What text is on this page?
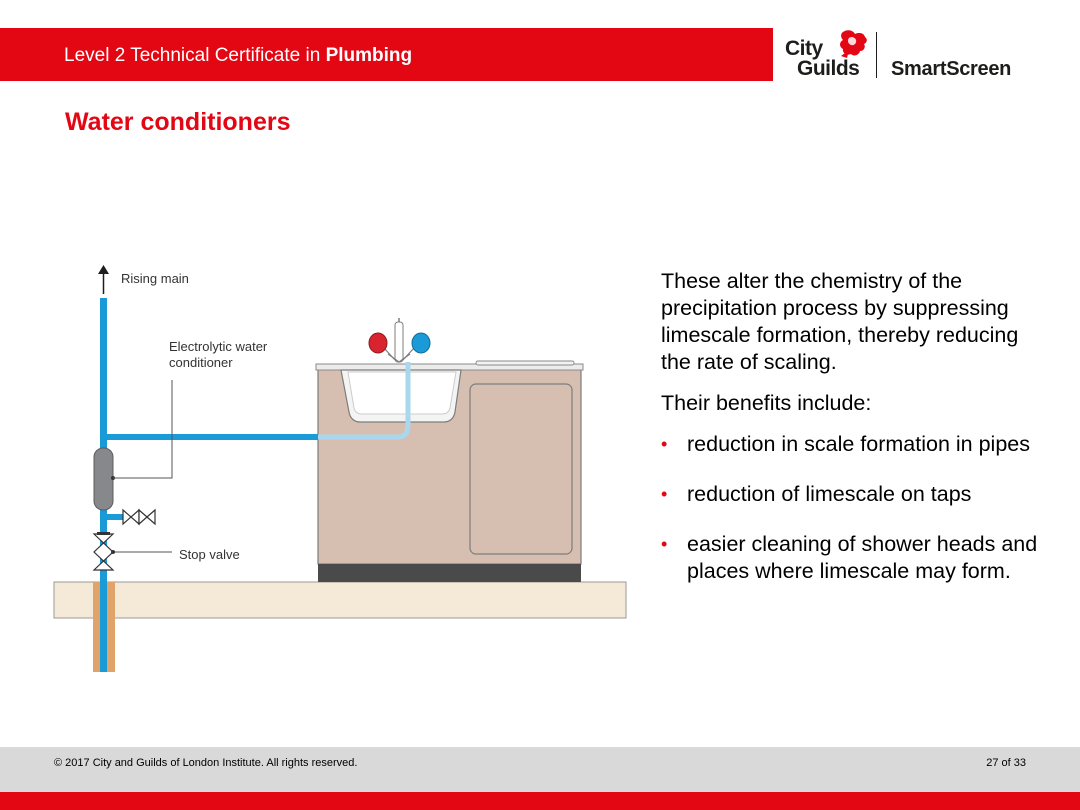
Level 2 Technical Certificate in Plumbing	City
Guilds SmartScreen
Water conditioners
Rising main
Electrolytic water
conditioner
Stop valve

These alter the chemistry of the precipitation process by suppressing limescale formation, thereby reducing the rate of scaling.

Their benefits include:

• reduction in scale formation in pipes
• reduction of limescale on taps
• easier cleaning of shower heads and places where limescale may form.
© 2017 City and Guilds of London Institute. All rights reserved.	27 of 33
